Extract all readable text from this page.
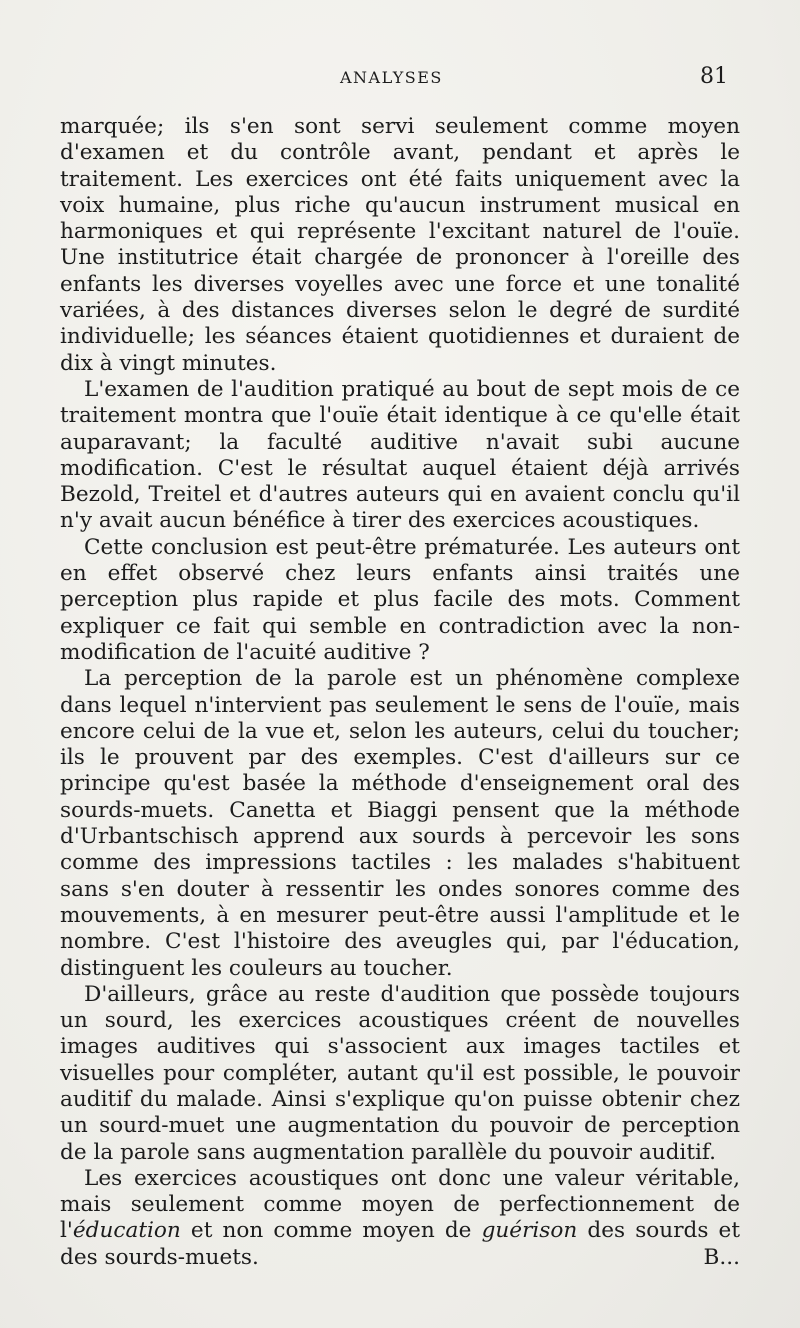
ANALYSES	81

marquée; ils s'en sont servi seulement comme moyen d'examen et du contrôle avant, pendant et après le traitement. Les exercices ont été faits uniquement avec la voix humaine, plus riche qu'aucun instrument musical en harmoniques et qui représente l'excitant naturel de l'ouïe. Une institutrice était chargée de prononcer à l'oreille des enfants les diverses voyelles avec une force et une tonalité variées, à des distances diverses selon le degré de surdité individuelle; les séances étaient quotidiennes et duraient de dix à vingt minutes.

L'examen de l'audition pratiqué au bout de sept mois de ce traitement montra que l'ouïe était identique à ce qu'elle était auparavant; la faculté auditive n'avait subi aucune modification. C'est le résultat auquel étaient déjà arrivés Bezold, Treitel et d'autres auteurs qui en avaient conclu qu'il n'y avait aucun bénéfice à tirer des exercices acoustiques.

Cette conclusion est peut-être prématurée. Les auteurs ont en effet observé chez leurs enfants ainsi traités une perception plus rapide et plus facile des mots. Comment expliquer ce fait qui semble en contradiction avec la non-modification de l'acuité auditive ?

La perception de la parole est un phénomène complexe dans lequel n'intervient pas seulement le sens de l'ouïe, mais encore celui de la vue et, selon les auteurs, celui du toucher; ils le prouvent par des exemples. C'est d'ailleurs sur ce principe qu'est basée la méthode d'enseignement oral des sourds-muets. Canetta et Biaggi pensent que la méthode d'Urbantschisch apprend aux sourds à percevoir les sons comme des impressions tactiles : les malades s'habituent sans s'en douter à ressentir les ondes sonores comme des mouvements, à en mesurer peut-être aussi l'amplitude et le nombre. C'est l'histoire des aveugles qui, par l'éducation, distinguent les couleurs au toucher.

D'ailleurs, grâce au reste d'audition que possède toujours un sourd, les exercices acoustiques créent de nouvelles images auditives qui s'associent aux images tactiles et visuelles pour compléter, autant qu'il est possible, le pouvoir auditif du malade. Ainsi s'explique qu'on puisse obtenir chez un sourd-muet une augmentation du pouvoir de perception de la parole sans augmentation parallèle du pouvoir auditif.

Les exercices acoustiques ont donc une valeur véritable, mais seulement comme moyen de perfectionnement de l'éducation et non comme moyen de guérison des sourds et des sourds-muets.	B...
